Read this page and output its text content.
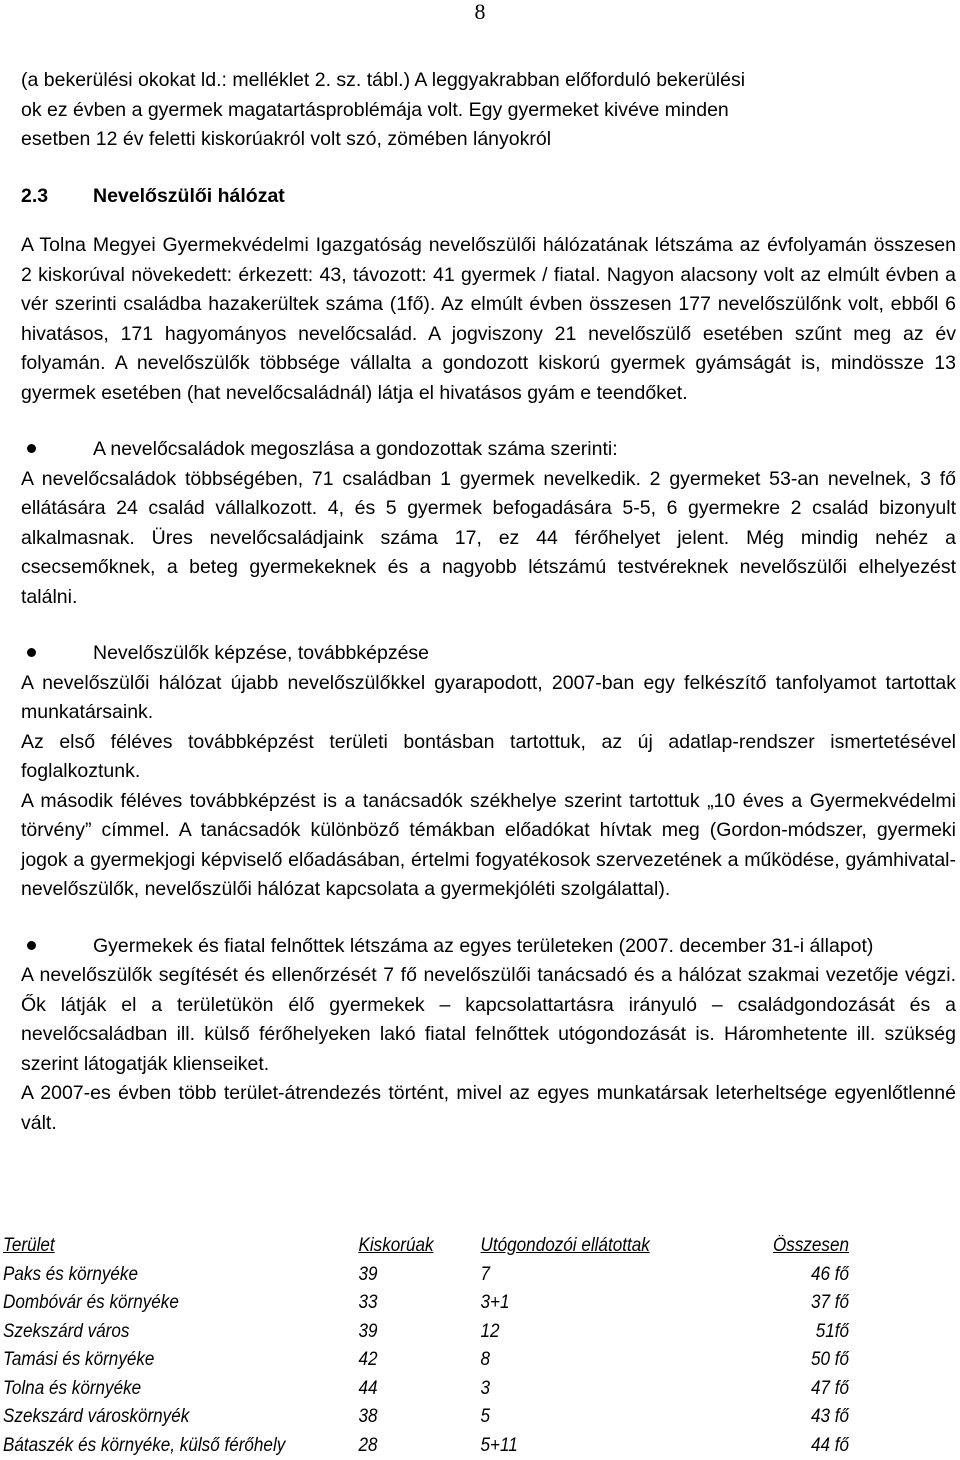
8

(a bekerülési okokat ld.: melléklet 2. sz. tábl.) A leggyakrabban előforduló bekerülési

ok ez évben a gyermek magatartásproblémája volt. Egy gyermeket kivéve minden

esetben 12 év feletti kiskorúakról volt szó, zömében lányokról

2.3 Nevelőszülői hálózat

A Tolna Megyei Gyermekvédelmi Igazgatóság nevelőszülői hálózatának létszáma az évfolyamán összesen 2 kiskorúval növekedett: érkezett: 43, távozott: 41 gyermek / fiatal. Nagyon alacsony volt az elmúlt évben a vér szerinti családba hazakerültek száma (1fő). Az elmúlt évben összesen 177 nevelőszülőnk volt, ebből 6 hivatásos, 171 hagyományos nevelőcsalád. A jogviszony 21 nevelőszülő esetében szűnt meg az év folyamán. A nevelőszülők többsége vállalta a gondozott kiskorú gyermek gyámságát is, mindössze 13 gyermek esetében (hat nevelőcsaládnál) látja el hivatásos gyám e teendőket.

A nevelőcsaládok megoszlása a gondozottak száma szerinti:

A nevelőcsaládok többségében, 71 családban 1 gyermek nevelkedik. 2 gyermeket 53-an nevelnek, 3 fő ellátására 24 család vállalkozott. 4, és 5 gyermek befogadására 5-5, 6 gyermekre 2 család bizonyult alkalmasnak. Üres nevelőcsaládjaink száma 17, ez 44 férőhelyet jelent. Még mindig nehéz a csecsemőknek, a beteg gyermekeknek és a nagyobb létszámú testvéreknek nevelőszülői elhelyezést találni.

Nevelőszülők képzése, továbbképzése

A nevelőszülői hálózat újabb nevelőszülőkkel gyarapodott, 2007-ban egy felkészítő tanfolyamot tartottak munkatársaink.

Az első féléves továbbképzést területi bontásban tartottuk, az új adatlap-rendszer ismertetésével foglalkoztunk.

A második féléves továbbképzést is a tanácsadók székhelye szerint tartottuk „10 éves a Gyermekvédelmi törvény” címmel. A tanácsadók különböző témákban előadókat hívtak meg (Gordon-módszer, gyermeki jogok a gyermekjogi képviselő előadásában, értelmi fogyatékosok szervezetének a működése, gyámhivatal-nevelőszülők, nevelőszülői hálózat kapcsolata a gyermekjóléti szolgálattal).

Gyermekek és fiatal felnőttek létszáma az egyes területeken (2007. december 31-i állapot)

A nevelőszülők segítését és ellenőrzését 7 fő nevelőszülői tanácsadó és a hálózat szakmai vezetője végzi. Ők látják el a területükön élő gyermekek – kapcsolattartásra irányuló – családgondozását és a nevelőcsaládban ill. külső férőhelyeken lakó fiatal felnőttek utógondozását is. Háromhetente ill. szükség szerint látogatják klienseiket.

A 2007-es évben több terület-átrendezés történt, mivel az egyes munkatársak leterheltsége egyenlőtlenné vált.

Terület	Kiskorúak	Utógondozói ellátottak	Összesen
Paks és környéke	39	7	46 fő
Dombóvár és környéke	33	3+1	37 fő
Szekszárd város	39	12	51fő
Tamási és környéke	42	8	50 fő
Tolna és környéke	44	3	47 fő
Szekszárd városkörnyék	38	5	43 fő
Bátaszék és környéke, külső férőhely	28	5+11	44 fő
